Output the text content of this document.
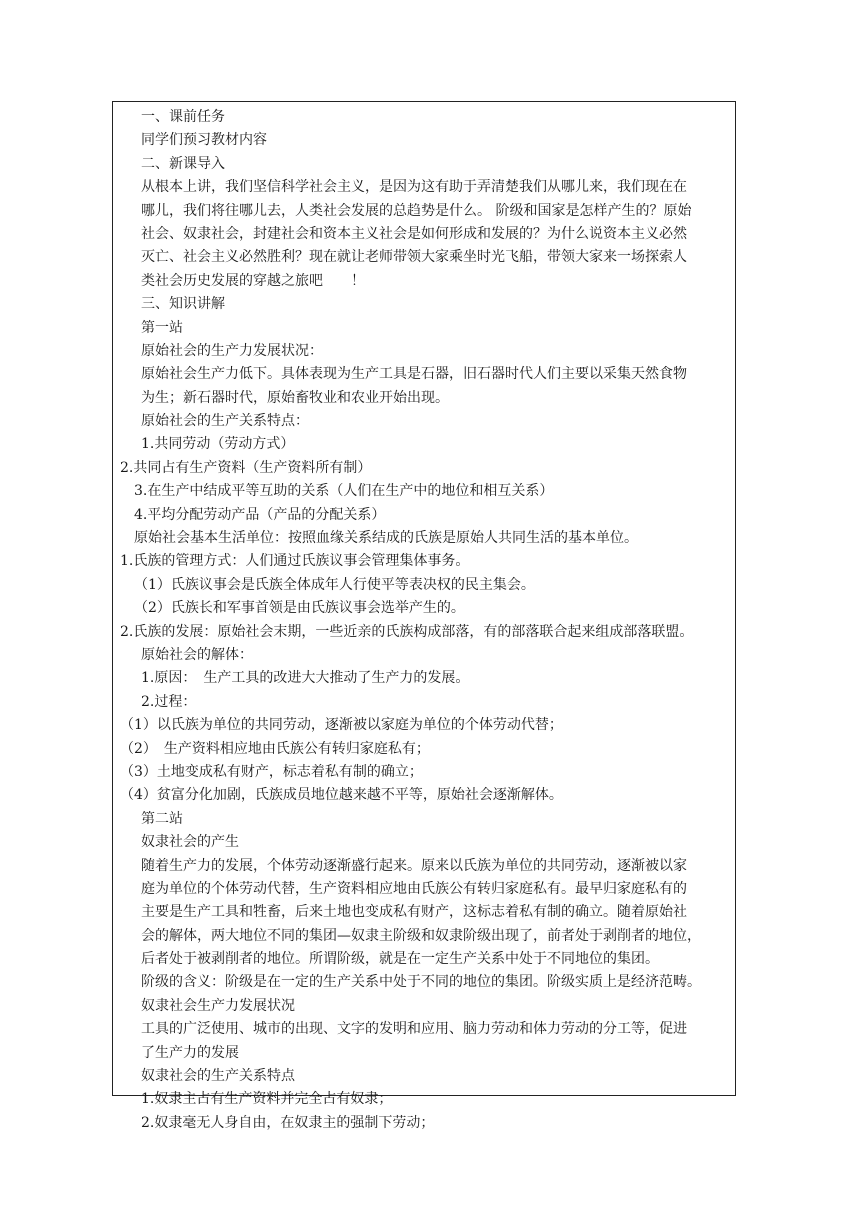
一、课前任务
同学们预习教材内容
二、新课导入
从根本上讲，我们坚信科学社会主义，是因为这有助于弄清楚我们从哪儿来，我们现在在
哪儿，我们将往哪儿去，人类社会发展的总趋势是什么。 阶级和国家是怎样产生的？原始
社会、奴隶社会，封建社会和资本主义社会是如何形成和发展的？为什么说资本主义必然
灭亡、社会主义必然胜利？现在就让老师带领大家乘坐时光飞船，带领大家来一场探索人
类社会历史发展的穿越之旅吧　　！
三、知识讲解
第一站
原始社会的生产力发展状况：
原始社会生产力低下。具体表现为生产工具是石器，旧石器时代人们主要以采集天然食物
为生；新石器时代，原始畜牧业和农业开始出现。
原始社会的生产关系特点：
1.共同劳动（劳动方式）
2.共同占有生产资料（生产资料所有制）
3.在生产中结成平等互助的关系（人们在生产中的地位和相互关系）
4.平均分配劳动产品（产品的分配关系）
原始社会基本生活单位：按照血缘关系结成的氏族是原始人共同生活的基本单位。
1.氏族的管理方式：人们通过氏族议事会管理集体事务。
（1）氏族议事会是氏族全体成年人行使平等表决权的民主集会。
（2）氏族长和军事首领是由氏族议事会选举产生的。
2.氏族的发展：原始社会末期，一些近亲的氏族构成部落，有的部落联合起来组成部落联盟。
原始社会的解体：
1.原因：　生产工具的改进大大推动了生产力的发展。
2.过程：
（1）以氏族为单位的共同劳动，逐渐被以家庭为单位的个体劳动代替；
（2）　生产资料相应地由氏族公有转归家庭私有；
（3）土地变成私有财产，标志着私有制的确立；
（4）贫富分化加剧，氏族成员地位越来越不平等，原始社会逐渐解体。
第二站
奴隶社会的产生
随着生产力的发展，个体劳动逐渐盛行起来。原来以氏族为单位的共同劳动，逐渐被以家
庭为单位的个体劳动代替，生产资料相应地由氏族公有转归家庭私有。最早归家庭私有的
主要是生产工具和牲畜，后来土地也变成私有财产，这标志着私有制的确立。随着原始社
会的解体，两大地位不同的集团—奴隶主阶级和奴隶阶级出现了，前者处于剥削者的地位，
后者处于被剥削者的地位。所谓阶级，就是在一定生产关系中处于不同地位的集团。
阶级的含义：阶级是在一定的生产关系中处于不同的地位的集团。阶级实质上是经济范畴。
奴隶社会生产力发展状况
工具的广泛使用、城市的出现、文字的发明和应用、脑力劳动和体力劳动的分工等，促进
了生产力的发展
奴隶社会的生产关系特点
1.奴隶主占有生产资料并完全占有奴隶；
2.奴隶毫无人身自由，在奴隶主的强制下劳动；
